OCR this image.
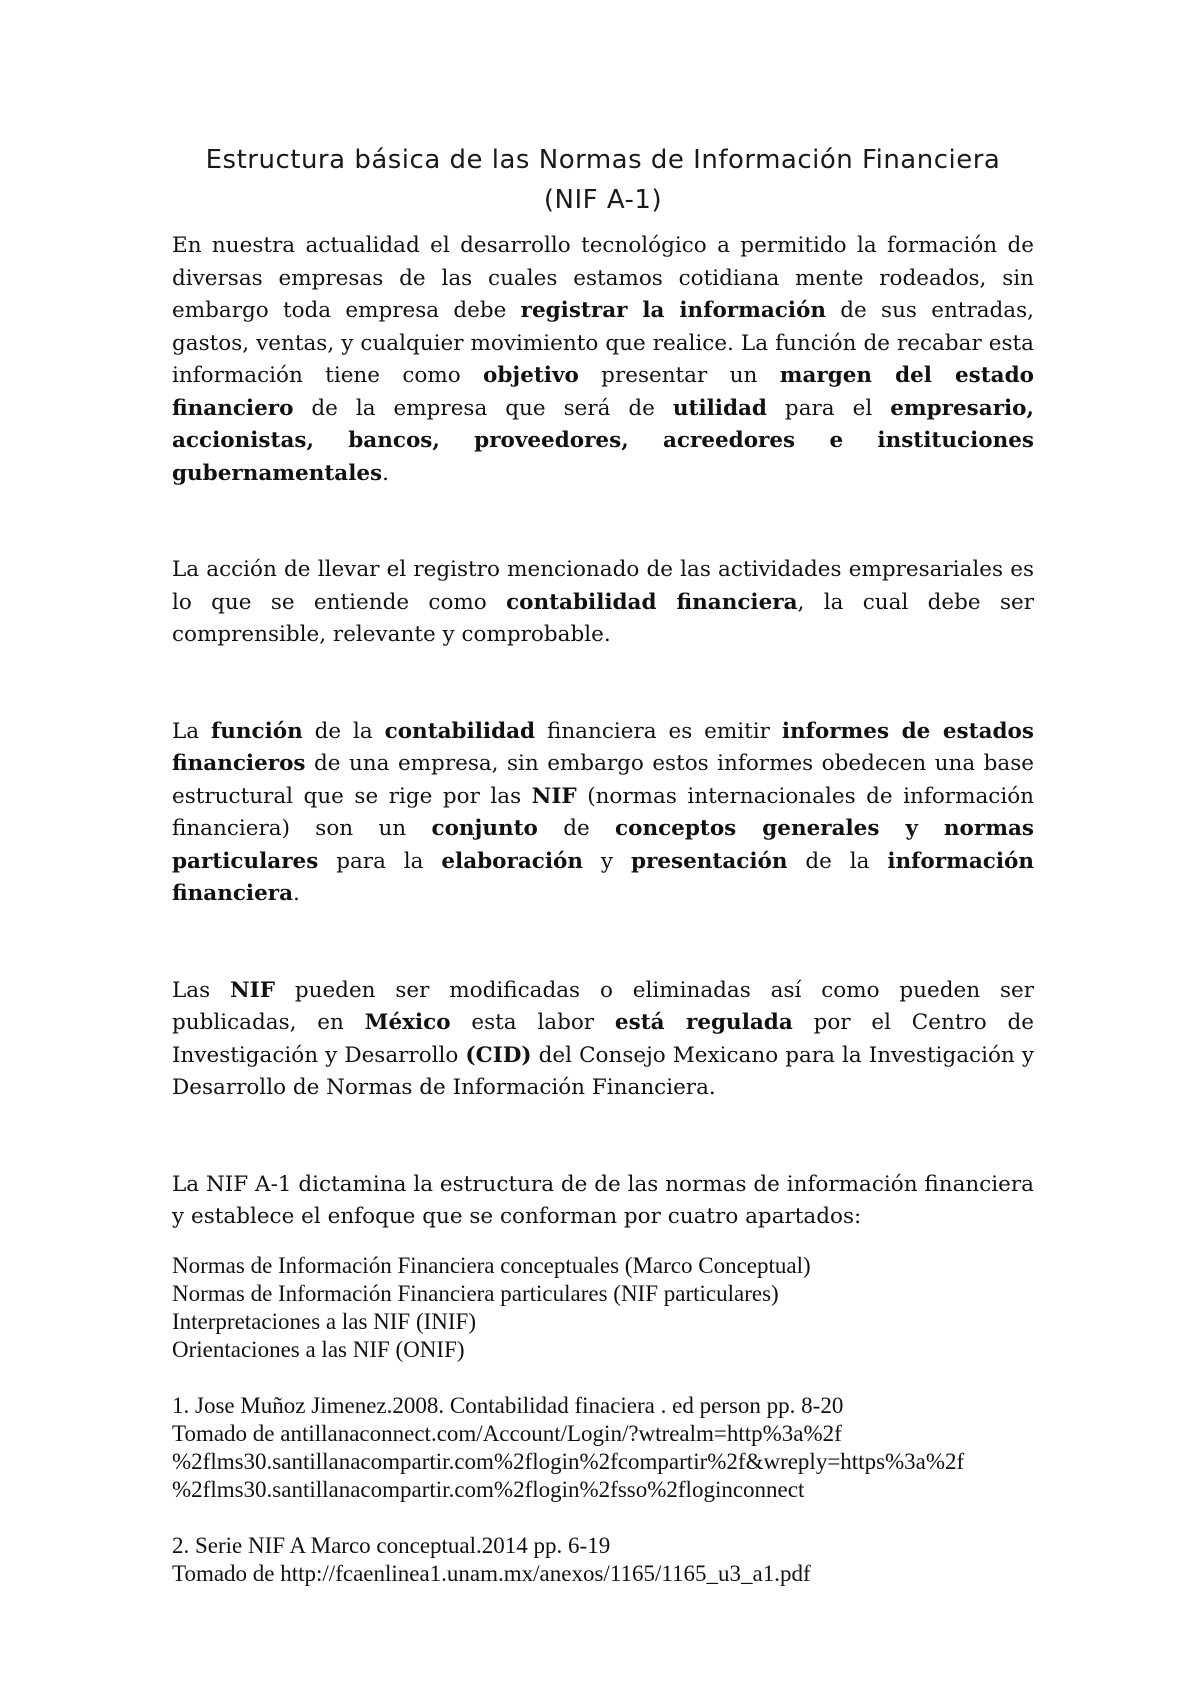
Estructura básica de las Normas de Información Financiera
(NIF A-1)

En nuestra actualidad el desarrollo tecnológico a permitido la formación de diversas empresas de las cuales estamos cotidiana mente rodeados, sin embargo toda empresa debe registrar la información de sus entradas, gastos, ventas, y cualquier movimiento que realice. La función de recabar esta información tiene como objetivo presentar un margen del estado financiero de la empresa que será de utilidad para el empresario, accionistas, bancos, proveedores, acreedores e instituciones gubernamentales.

La acción de llevar el registro mencionado de las actividades empresariales es lo que se entiende como contabilidad financiera, la cual debe ser comprensible, relevante y comprobable.

La función de la contabilidad financiera es emitir informes de estados financieros de una empresa, sin embargo estos informes obedecen una base estructural que se rige por las NIF (normas internacionales de información financiera) son un conjunto de conceptos generales y normas particulares para la elaboración y presentación de la información financiera.

Las NIF pueden ser modificadas o eliminadas así como pueden ser publicadas, en México esta labor está regulada por el Centro de Investigación y Desarrollo (CID) del Consejo Mexicano para la Investigación y Desarrollo de Normas de Información Financiera.

La NIF A-1 dictamina la estructura de de las normas de información financiera y establece el enfoque que se conforman por cuatro apartados:

Normas de Información Financiera conceptuales (Marco Conceptual)
Normas de Información Financiera particulares (NIF particulares)
Interpretaciones a las NIF (INIF)
Orientaciones a las NIF (ONIF)
1. Jose Muñoz Jimenez.2008. Contabilidad finaciera . ed person pp. 8-20
Tomado de antillanaconnect.com/Account/Login/?wtrealm=http%3a%2f
%2flms30.santillanacompartir.com%2flogin%2fcompartir%2f&wreply=https%3a%2f
%2flms30.santillanacompartir.com%2flogin%2fsso%2floginconnect
2. Serie NIF A Marco conceptual.2014 pp. 6-19
Tomado de http://fcaenlinea1.unam.mx/anexos/1165/1165_u3_a1.pdf
